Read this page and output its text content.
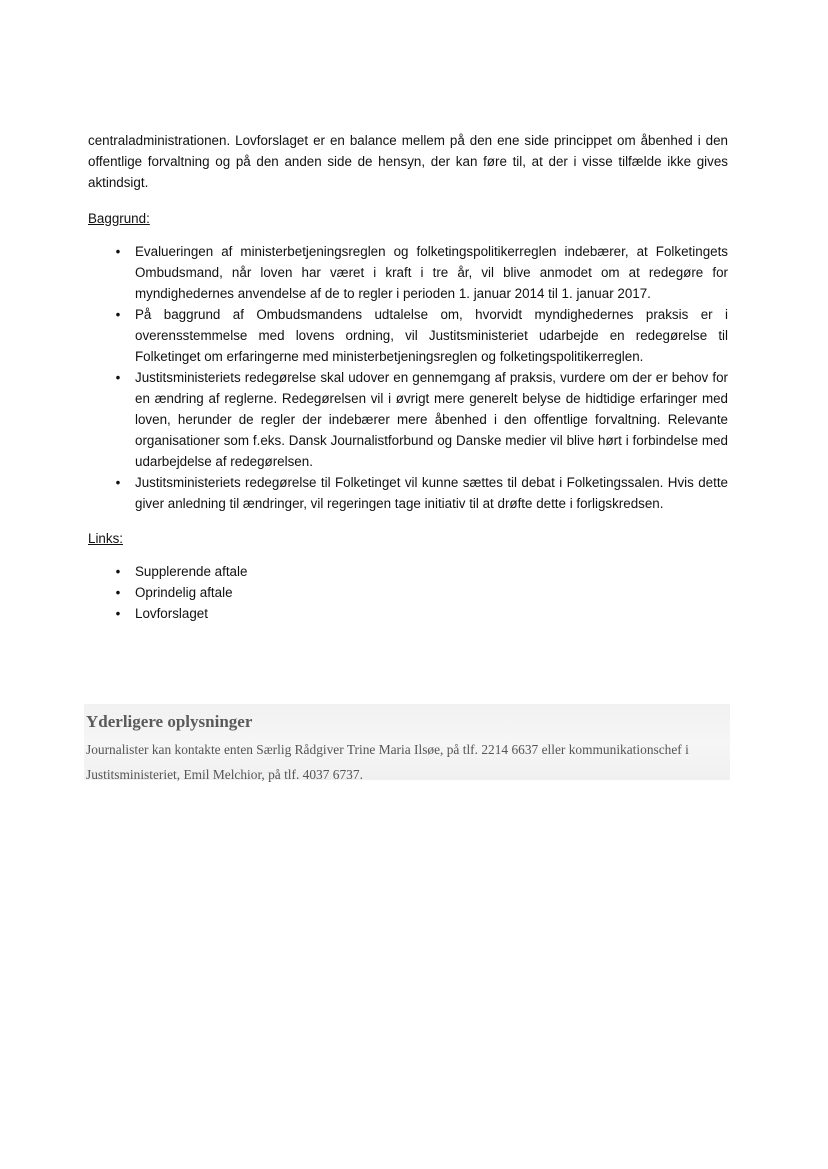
centraladministrationen. Lovforslaget er en balance mellem på den ene side princippet om åbenhed i den offentlige forvaltning og på den anden side de hensyn, der kan føre til, at der i visse tilfælde ikke gives aktindsigt.

Baggrund:
• Evalueringen af ministerbetjeningsreglen og folketingspolitikerreglen indebærer, at Folketingets Ombudsmand, når loven har været i kraft i tre år, vil blive anmodet om at redegøre for myndighedernes anvendelse af de to regler i perioden 1. januar 2014 til 1. januar 2017.
• På baggrund af Ombudsmandens udtalelse om, hvorvidt myndighedernes praksis er i overensstemmelse med lovens ordning, vil Justitsministeriet udarbejde en redegørelse til Folketinget om erfaringerne med ministerbetjeningsreglen og folketingspolitikerreglen.
• Justitsministeriets redegørelse skal udover en gennemgang af praksis, vurdere om der er behov for en ændring af reglerne. Redegørelsen vil i øvrigt mere generelt belyse de hidtidige erfaringer med loven, herunder de regler der indebærer mere åbenhed i den offentlige forvaltning. Relevante organisationer som f.eks. Dansk Journalistforbund og Danske medier vil blive hørt i forbindelse med udarbejdelse af redegørelsen.
• Justitsministeriets redegørelse til Folketinget vil kunne sættes til debat i Folketingssalen. Hvis dette giver anledning til ændringer, vil regeringen tage initiativ til at drøfte dette i forligskredsen.
Links:
• Supplerende aftale
• Oprindelig aftale
• Lovforslaget
Yderligere oplysninger
Journalister kan kontakte enten Særlig Rådgiver Trine Maria Ilsøe, på tlf. 2214 6637 eller kommunikationschef i Justitsministeriet, Emil Melchior, på tlf. 4037 6737.
